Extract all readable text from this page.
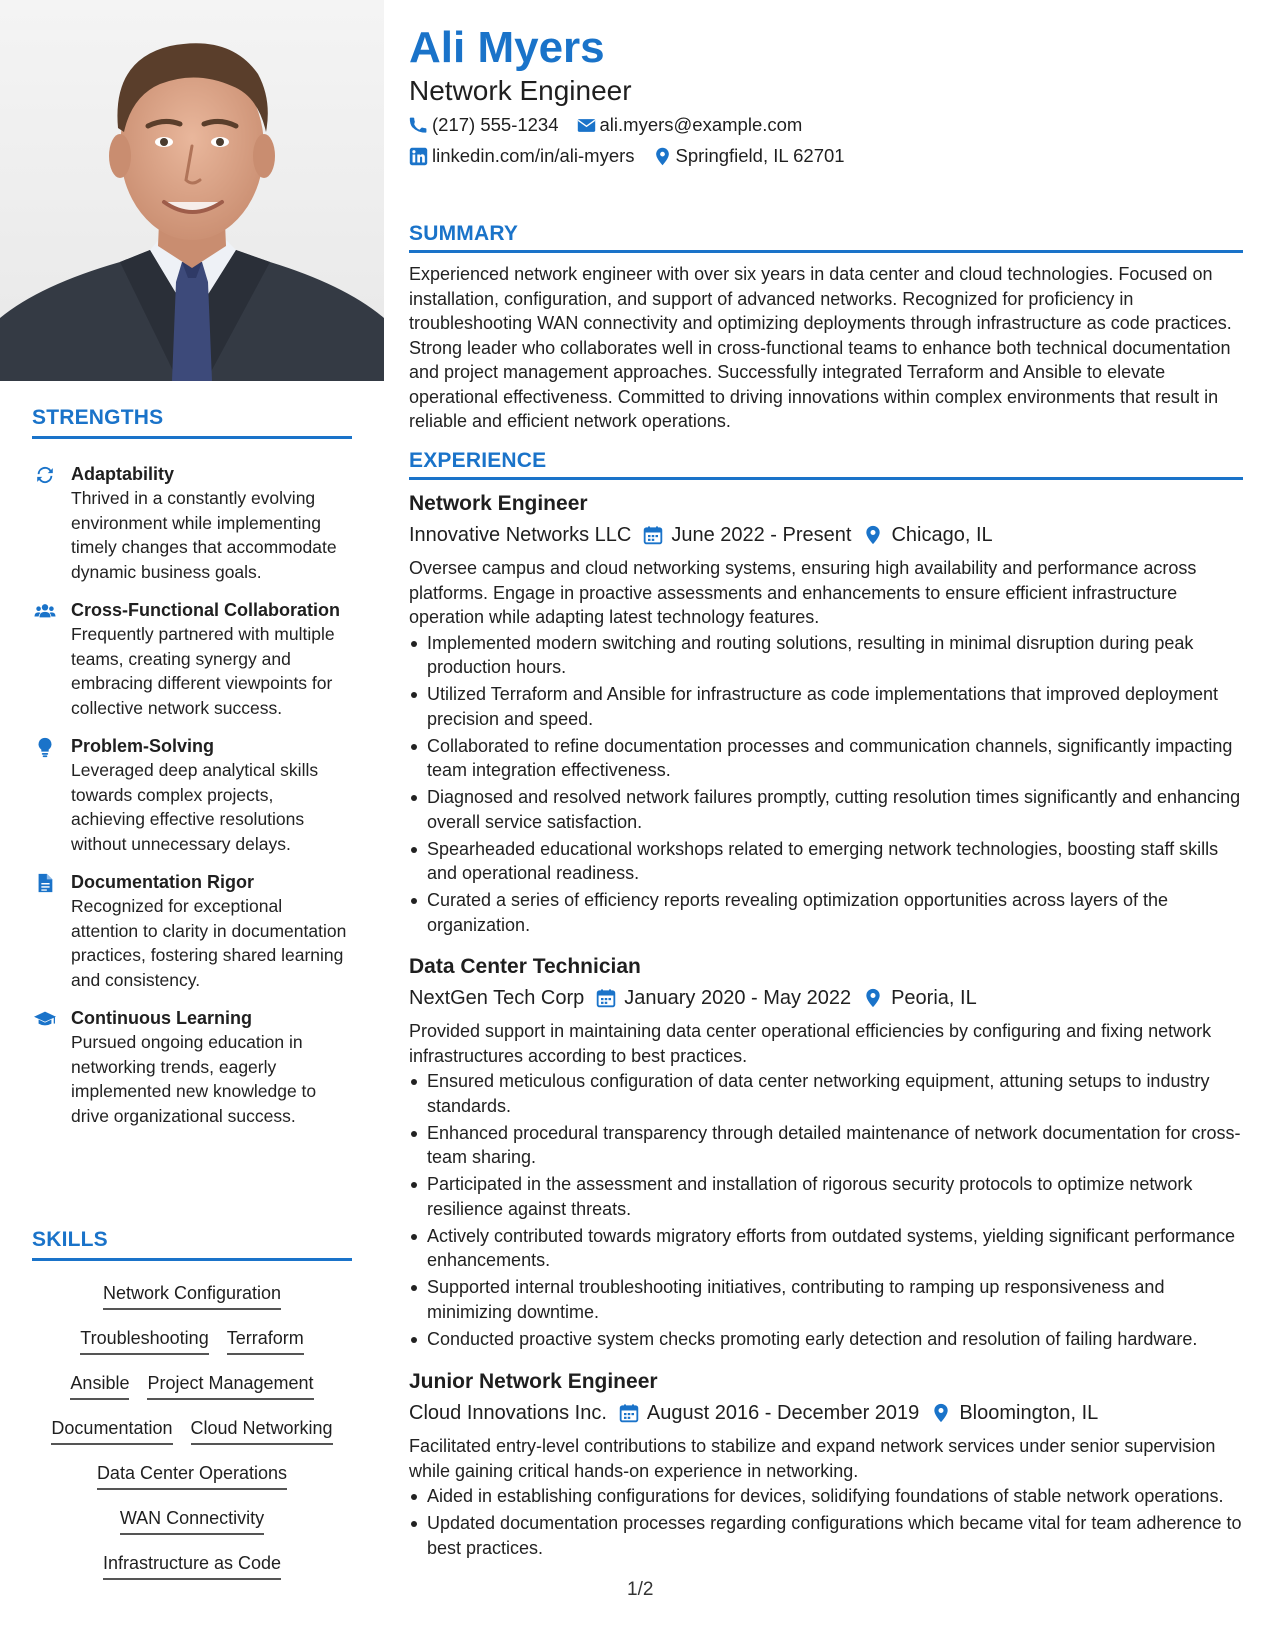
STRENGTHS
Adaptability
Thrived in a constantly evolving environment while implementing timely changes that accommodate dynamic business goals.
Cross-Functional Collaboration
Frequently partnered with multiple teams, creating synergy and embracing different viewpoints for collective network success.
Problem-Solving
Leveraged deep analytical skills towards complex projects, achieving effective resolutions without unnecessary delays.
Documentation Rigor
Recognized for exceptional attention to clarity in documentation practices, fostering shared learning and consistency.
Continuous Learning
Pursued ongoing education in networking trends, eagerly implemented new knowledge to drive organizational success.
SKILLS
Network Configuration
Troubleshooting Terraform
Ansible Project Management
Documentation Cloud Networking
Data Center Operations
WAN Connectivity
Infrastructure as Code
Ali Myers
Network Engineer
(217) 555-1234 ali.myers@example.com
linkedin.com/in/ali-myers Springfield, IL 62701
SUMMARY
Experienced network engineer with over six years in data center and cloud technologies. Focused on installation, configuration, and support of advanced networks. Recognized for proficiency in troubleshooting WAN connectivity and optimizing deployments through infrastructure as code practices. Strong leader who collaborates well in cross-functional teams to enhance both technical documentation and project management approaches. Successfully integrated Terraform and Ansible to elevate operational effectiveness. Committed to driving innovations within complex environments that result in reliable and efficient network operations.
EXPERIENCE
Network Engineer
Innovative Networks LLC June 2022 - Present Chicago, IL
Oversee campus and cloud networking systems, ensuring high availability and performance across platforms. Engage in proactive assessments and enhancements to ensure efficient infrastructure operation while adapting latest technology features.
Implemented modern switching and routing solutions, resulting in minimal disruption during peak production hours.
Utilized Terraform and Ansible for infrastructure as code implementations that improved deployment precision and speed.
Collaborated to refine documentation processes and communication channels, significantly impacting team integration effectiveness.
Diagnosed and resolved network failures promptly, cutting resolution times significantly and enhancing overall service satisfaction.
Spearheaded educational workshops related to emerging network technologies, boosting staff skills and operational readiness.
Curated a series of efficiency reports revealing optimization opportunities across layers of the organization.
Data Center Technician
NextGen Tech Corp January 2020 - May 2022 Peoria, IL
Provided support in maintaining data center operational efficiencies by configuring and fixing network infrastructures according to best practices.
Ensured meticulous configuration of data center networking equipment, attuning setups to industry standards.
Enhanced procedural transparency through detailed maintenance of network documentation for cross-team sharing.
Participated in the assessment and installation of rigorous security protocols to optimize network resilience against threats.
Actively contributed towards migratory efforts from outdated systems, yielding significant performance enhancements.
Supported internal troubleshooting initiatives, contributing to ramping up responsiveness and minimizing downtime.
Conducted proactive system checks promoting early detection and resolution of failing hardware.
Junior Network Engineer
Cloud Innovations Inc. August 2016 - December 2019 Bloomington, IL
Facilitated entry-level contributions to stabilize and expand network services under senior supervision while gaining critical hands-on experience in networking.
Aided in establishing configurations for devices, solidifying foundations of stable network operations.
Updated documentation processes regarding configurations which became vital for team adherence to best practices.
1/2
